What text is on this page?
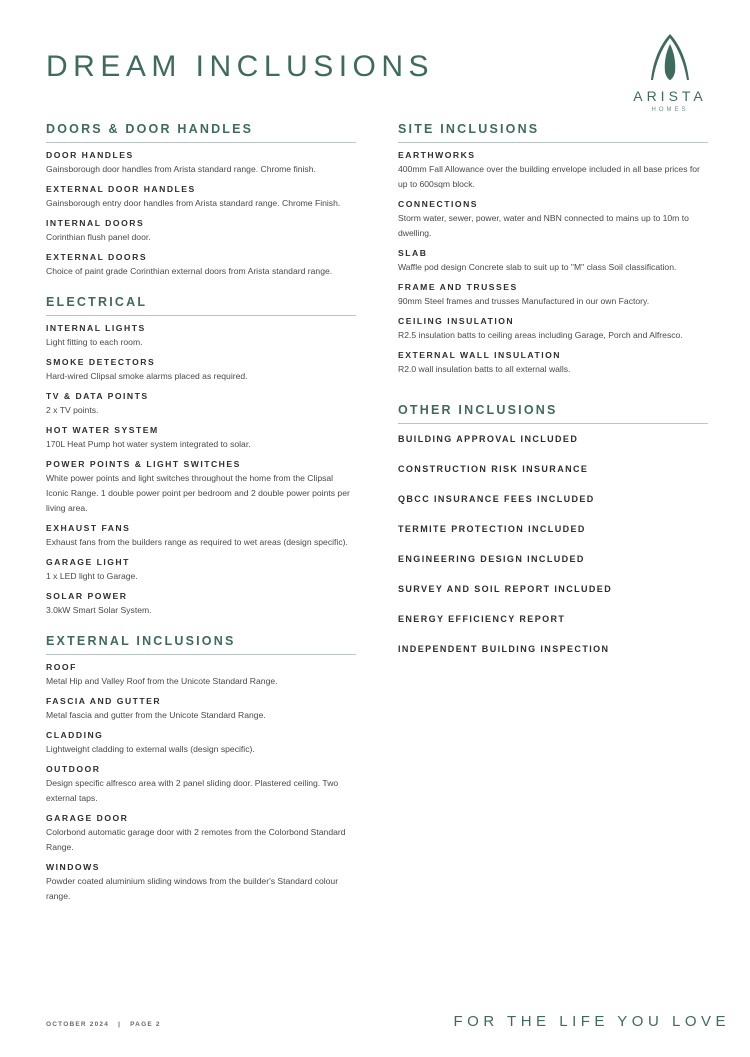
DREAM INCLUSIONS
ARISTA
HOMES
DOORS & DOOR HANDLES
DOOR HANDLES
Gainsborough door handles from Arista standard range. Chrome finish.
EXTERNAL DOOR HANDLES
Gainsborough entry door handles from Arista standard range. Chrome Finish.
INTERNAL DOORS
Corinthian flush panel door.
EXTERNAL DOORS
Choice of paint grade Corinthian external doors from Arista standard range.
ELECTRICAL
INTERNAL LIGHTS
Light fitting to each room.
SMOKE DETECTORS
Hard-wired Clipsal smoke alarms placed as required.
TV & DATA POINTS
2 x TV points.
HOT WATER SYSTEM
170L Heat Pump hot water system integrated to solar.
POWER POINTS & LIGHT SWITCHES
White power points and light switches throughout the home from the Clipsal Iconic Range. 1 double power point per bedroom and 2 double power points per living area.
EXHAUST FANS
Exhaust fans from the builders range as required to wet areas (design specific).
GARAGE LIGHT
1 x LED light to Garage.
SOLAR POWER
3.0kW Smart Solar System.
EXTERNAL INCLUSIONS
ROOF
Metal Hip and Valley Roof from the Unicote Standard Range.
FASCIA AND GUTTER
Metal fascia and gutter from the Unicote Standard Range.
CLADDING
Lightweight cladding to external walls (design specific).
OUTDOOR
Design specific alfresco area with 2 panel sliding door. Plastered ceiling. Two external taps.
GARAGE DOOR
Colorbond automatic garage door with 2 remotes from the Colorbond Standard Range.
WINDOWS
Powder coated aluminium sliding windows from the builder's Standard colour range.
SITE INCLUSIONS
EARTHWORKS
400mm Fall Allowance over the building envelope included in all base prices for up to 600sqm block.
CONNECTIONS
Storm water, sewer, power, water and NBN connected to mains up to 10m to dwelling.
SLAB
Waffle pod design Concrete slab to suit up to "M" class Soil classification.
FRAME AND TRUSSES
90mm Steel frames and trusses Manufactured in our own Factory.
CEILING INSULATION
R2.5 insulation batts to ceiling areas including Garage, Porch and Alfresco.
EXTERNAL WALL INSULATION
R2.0 wall insulation batts to all external walls.
OTHER INCLUSIONS
BUILDING APPROVAL INCLUDED
CONSTRUCTION RISK INSURANCE
QBCC INSURANCE FEES INCLUDED
TERMITE PROTECTION INCLUDED
ENGINEERING DESIGN INCLUDED
SURVEY AND SOIL REPORT INCLUDED
ENERGY EFFICIENCY REPORT
INDEPENDENT BUILDING INSPECTION
OCTOBER 2024 | PAGE 2	FOR THE LIFE YOU LOVE
